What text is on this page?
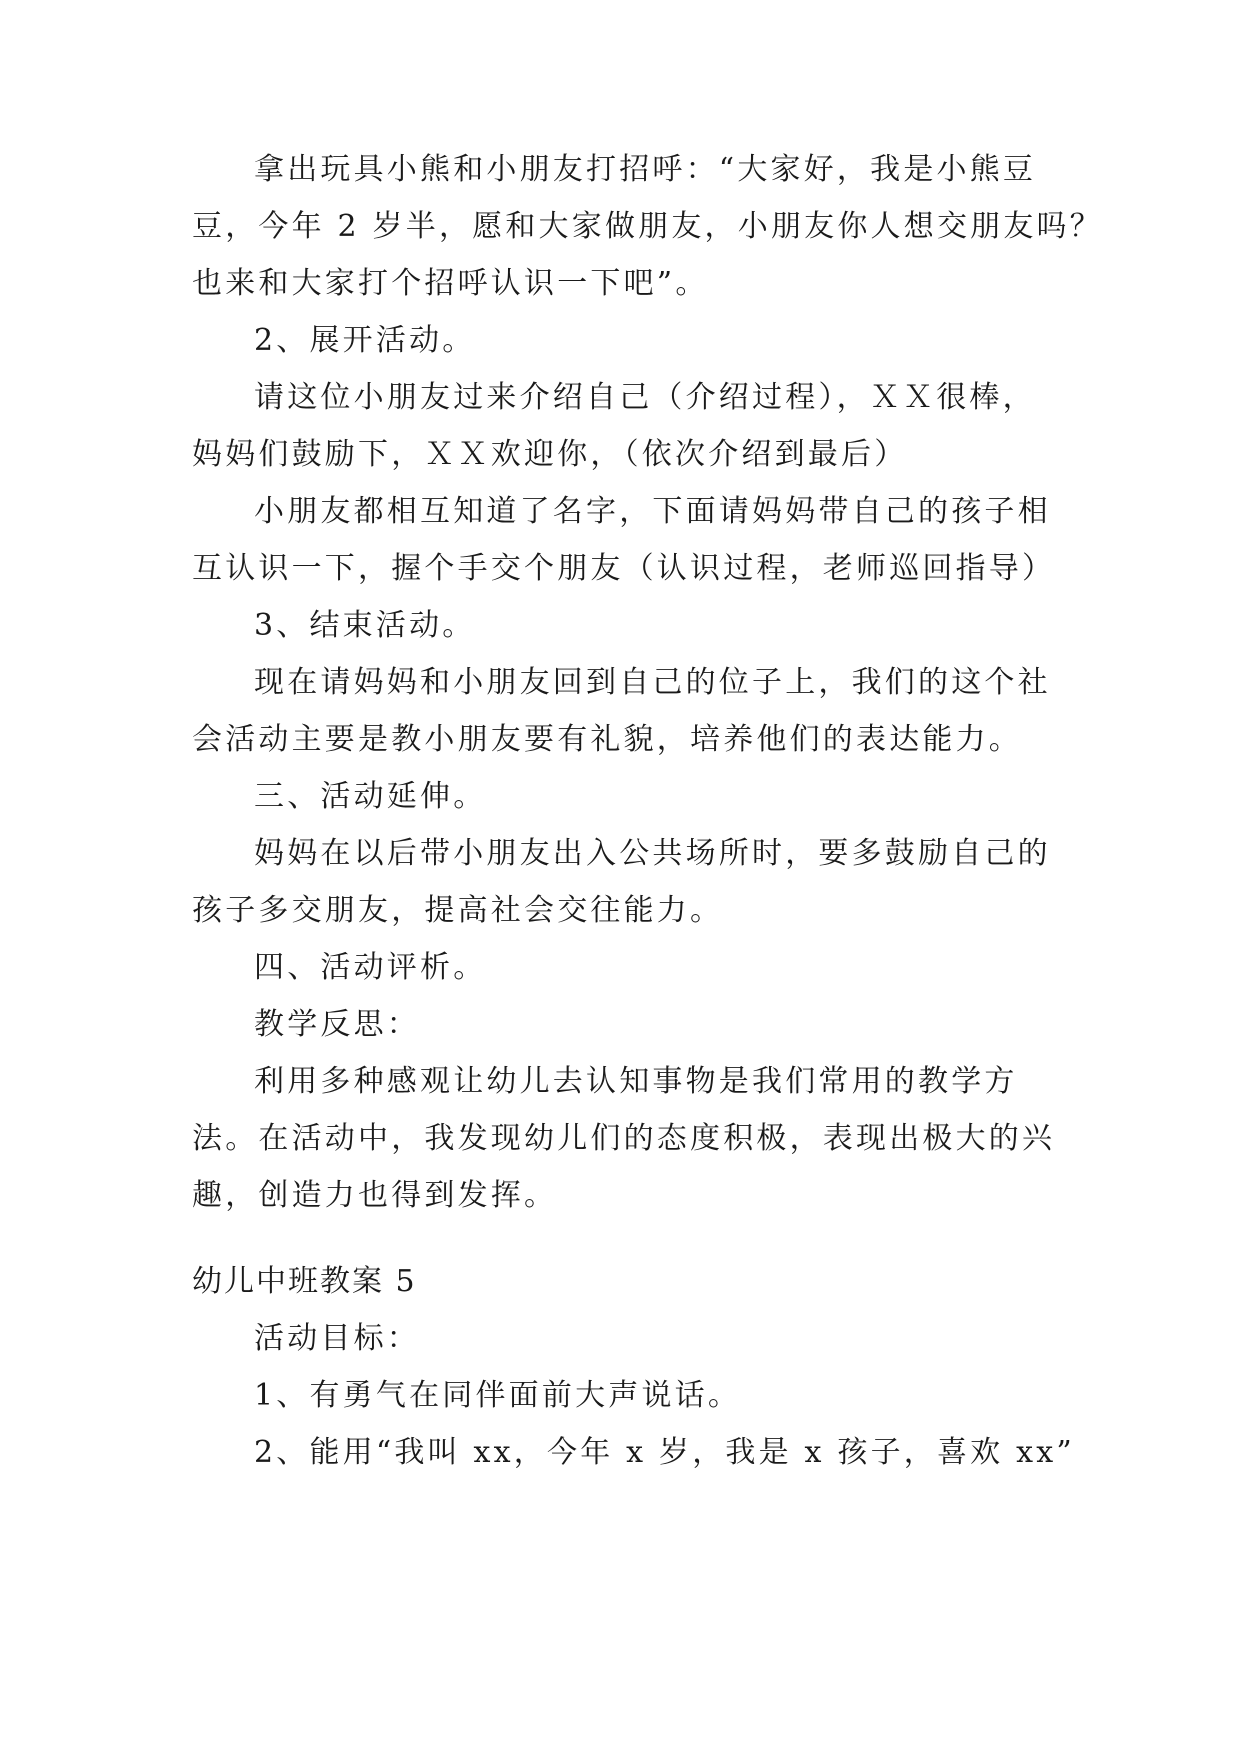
拿出玩具小熊和小朋友打招呼：“大家好，我是小熊豆
豆，今年 2 岁半，愿和大家做朋友，小朋友你人想交朋友吗？
也来和大家打个招呼认识一下吧”。
2、展开活动。
请这位小朋友过来介绍自己（介绍过程），ＸＸ很棒，
妈妈们鼓励下，ＸＸ欢迎你，（依次介绍到最后）
小朋友都相互知道了名字，下面请妈妈带自己的孩子相
互认识一下，握个手交个朋友（认识过程，老师巡回指导）
3、结束活动。
现在请妈妈和小朋友回到自己的位子上，我们的这个社
会活动主要是教小朋友要有礼貌，培养他们的表达能力。
三、活动延伸。
妈妈在以后带小朋友出入公共场所时，要多鼓励自己的
孩子多交朋友，提高社会交往能力。
四、活动评析。
教学反思：
利用多种感观让幼儿去认知事物是我们常用的教学方
法。在活动中，我发现幼儿们的态度积极，表现出极大的兴
趣，创造力也得到发挥。
幼儿中班教案 5
活动目标：
1、有勇气在同伴面前大声说话。
2、能用“我叫 xx，今年 x 岁，我是 x 孩子，喜欢 xx”
